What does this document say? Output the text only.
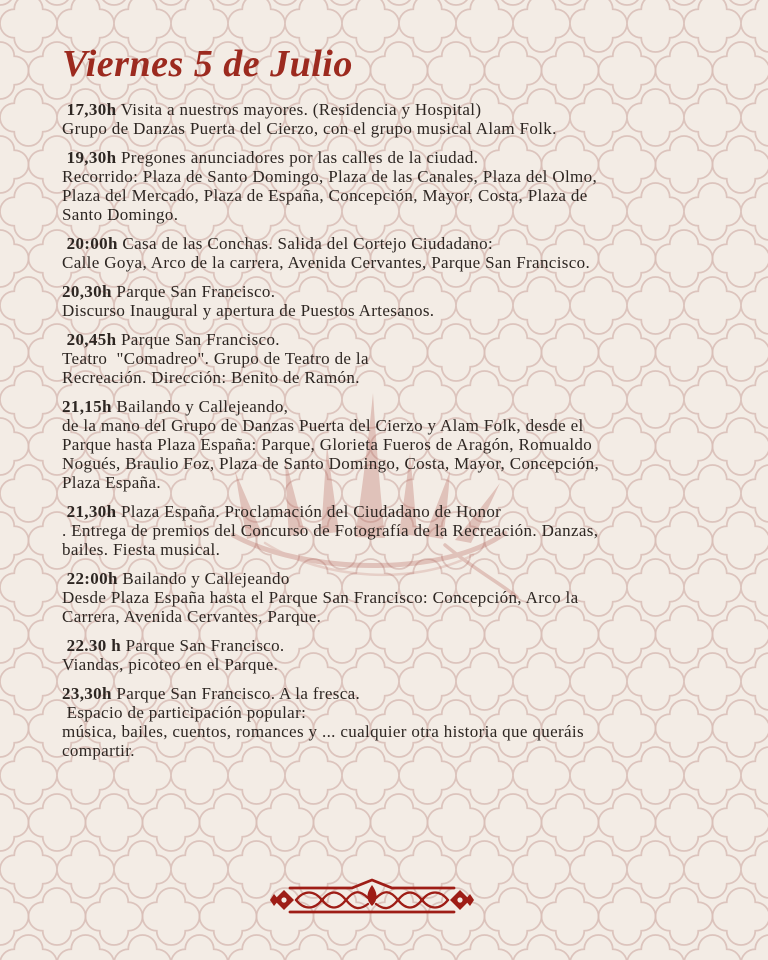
Viernes 5 de Julio
17,30h Visita a nuestros mayores. (Residencia y Hospital)
Grupo de Danzas Puerta del Cierzo, con el grupo musical Alam Folk.
19,30h Pregones anunciadores por las calles de la ciudad.
Recorrido: Plaza de Santo Domingo, Plaza de las Canales, Plaza del Olmo,
Plaza del Mercado, Plaza de España, Concepción, Mayor, Costa, Plaza de
Santo Domingo.
20:00h Casa de las Conchas. Salida del Cortejo Ciudadano:
Calle Goya, Arco de la carrera, Avenida Cervantes, Parque San Francisco.
20,30h Parque San Francisco.
Discurso Inaugural y apertura de Puestos Artesanos.
20,45h Parque San Francisco.
Teatro  "Comadreo". Grupo de Teatro de la
Recreación. Dirección: Benito de Ramón.
21,15h Bailando y Callejeando,
de la mano del Grupo de Danzas Puerta del Cierzo y Alam Folk, desde el
Parque hasta Plaza España: Parque, Glorieta Fueros de Aragón, Romualdo
Nogués, Braulio Foz, Plaza de Santo Domingo, Costa, Mayor, Concepción,
Plaza España.
21,30h Plaza España. Proclamación del Ciudadano de Honor
. Entrega de premios del Concurso de Fotografía de la Recreación. Danzas,
bailes. Fiesta musical.
22:00h Bailando y Callejeando
Desde Plaza España hasta el Parque San Francisco: Concepción, Arco la
Carrera, Avenida Cervantes, Parque.
22.30 h Parque San Francisco.
Viandas, picoteo en el Parque.
23,30h Parque San Francisco. A la fresca.
Espacio de participación popular:
música, bailes, cuentos, romances y ... cualquier otra historia que queráis
compartir.
